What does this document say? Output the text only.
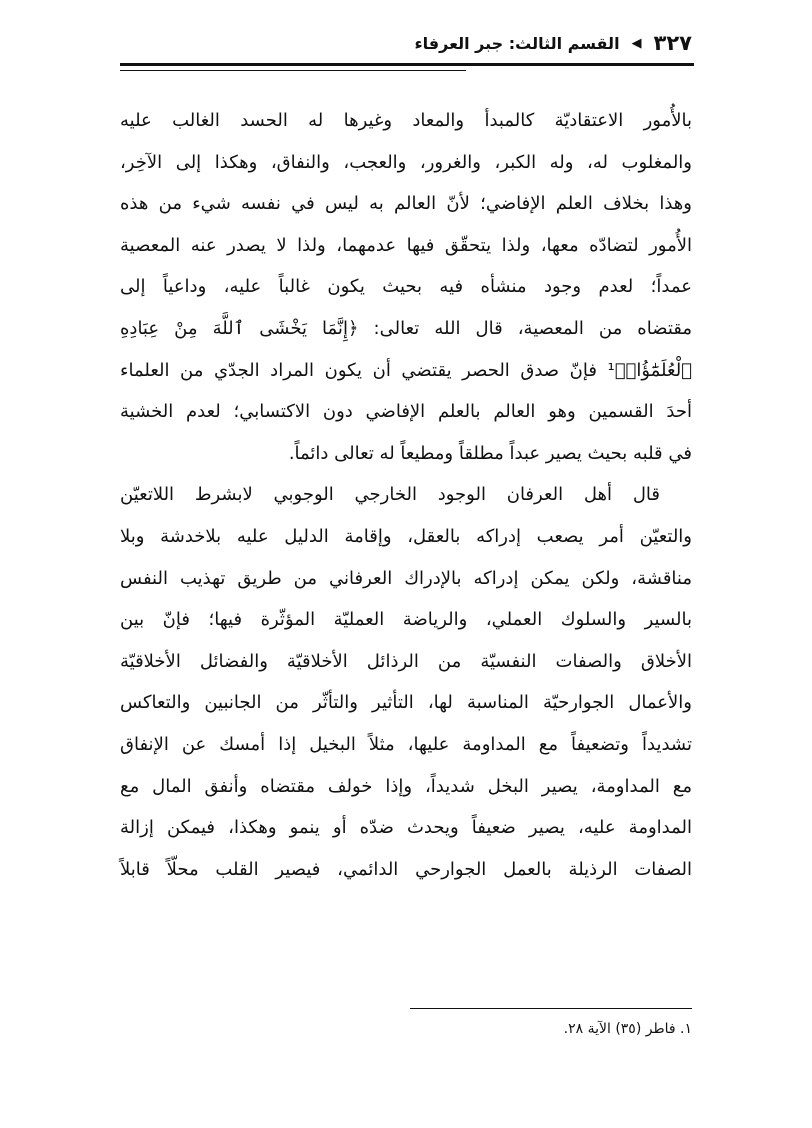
القسم الثالث: جبر العرفاء ◀ ٣٢٧
بالأُمور الاعتقاديّة كالمبدأ والمعاد وغيرها له الحسد الغالب عليه
والمغلوب له، وله الكبر، والغرور، والعجب، والنفاق، وهكذا إلى الآخِر،
وهذا بخلاف العلم الإفاضي؛ لأنّ العالم به ليس في نفسه شيء من هذه
الأُمور لتضادّه معها، ولذا يتحقّق فيها عدمهما، ولذا لا يصدر عنه المعصية
عمداً؛ لعدم وجود منشأه فيه بحيث يكون غالباً عليه، وداعياً إلى
مقتضاه من المعصية، قال الله تعالى: ﴿إِنَّمَا يَخْشَى ٱللَّهَ مِنْ عِبَادِهِ
ٱلْعُلَمَٰٓؤُا۟﴾¹ فإنّ صدق الحصر يقتضي أن يكون المراد الجدّي من العلماء
أحدَ القسمين وهو العالم بالعلم الإفاضي دون الاكتسابي؛ لعدم الخشية
في قلبه بحيث يصير عبداً مطلقاً ومطيعاً له تعالى دائماً.
قال أهل العرفان الوجود الخارجي الوجوبي لابشرط اللاتعيّن
والتعيّن أمر يصعب إدراكه بالعقل، وإقامة الدليل عليه بلاخدشة وبلا
مناقشة، ولكن يمكن إدراكه بالإدراك العرفاني من طريق تهذيب النفس
بالسير والسلوك العملي، والرياضة العمليّة المؤثّرة فيها؛ فإنّ بين
الأخلاق والصفات النفسيّة من الرذائل الأخلاقيّة والفضائل الأخلاقيّة
والأعمال الجوارحيّة المناسبة لها، التأثير والتأثّر من الجانبين والتعاكس
تشديداً وتضعيفاً مع المداومة عليها، مثلاً البخيل إذا أمسك عن الإنفاق
مع المداومة، يصير البخل شديداً، وإذا خولف مقتضاه وأنفق المال مع
المداومة عليه، يصير ضعيفاً ويحدث ضدّه أو ينمو وهكذا، فيمكن إزالة
الصفات الرذيلة بالعمل الجوارحي الدائمي، فيصير القلب محلّاً قابلاً
١. فاطر (٣٥) الآية ٢٨.
